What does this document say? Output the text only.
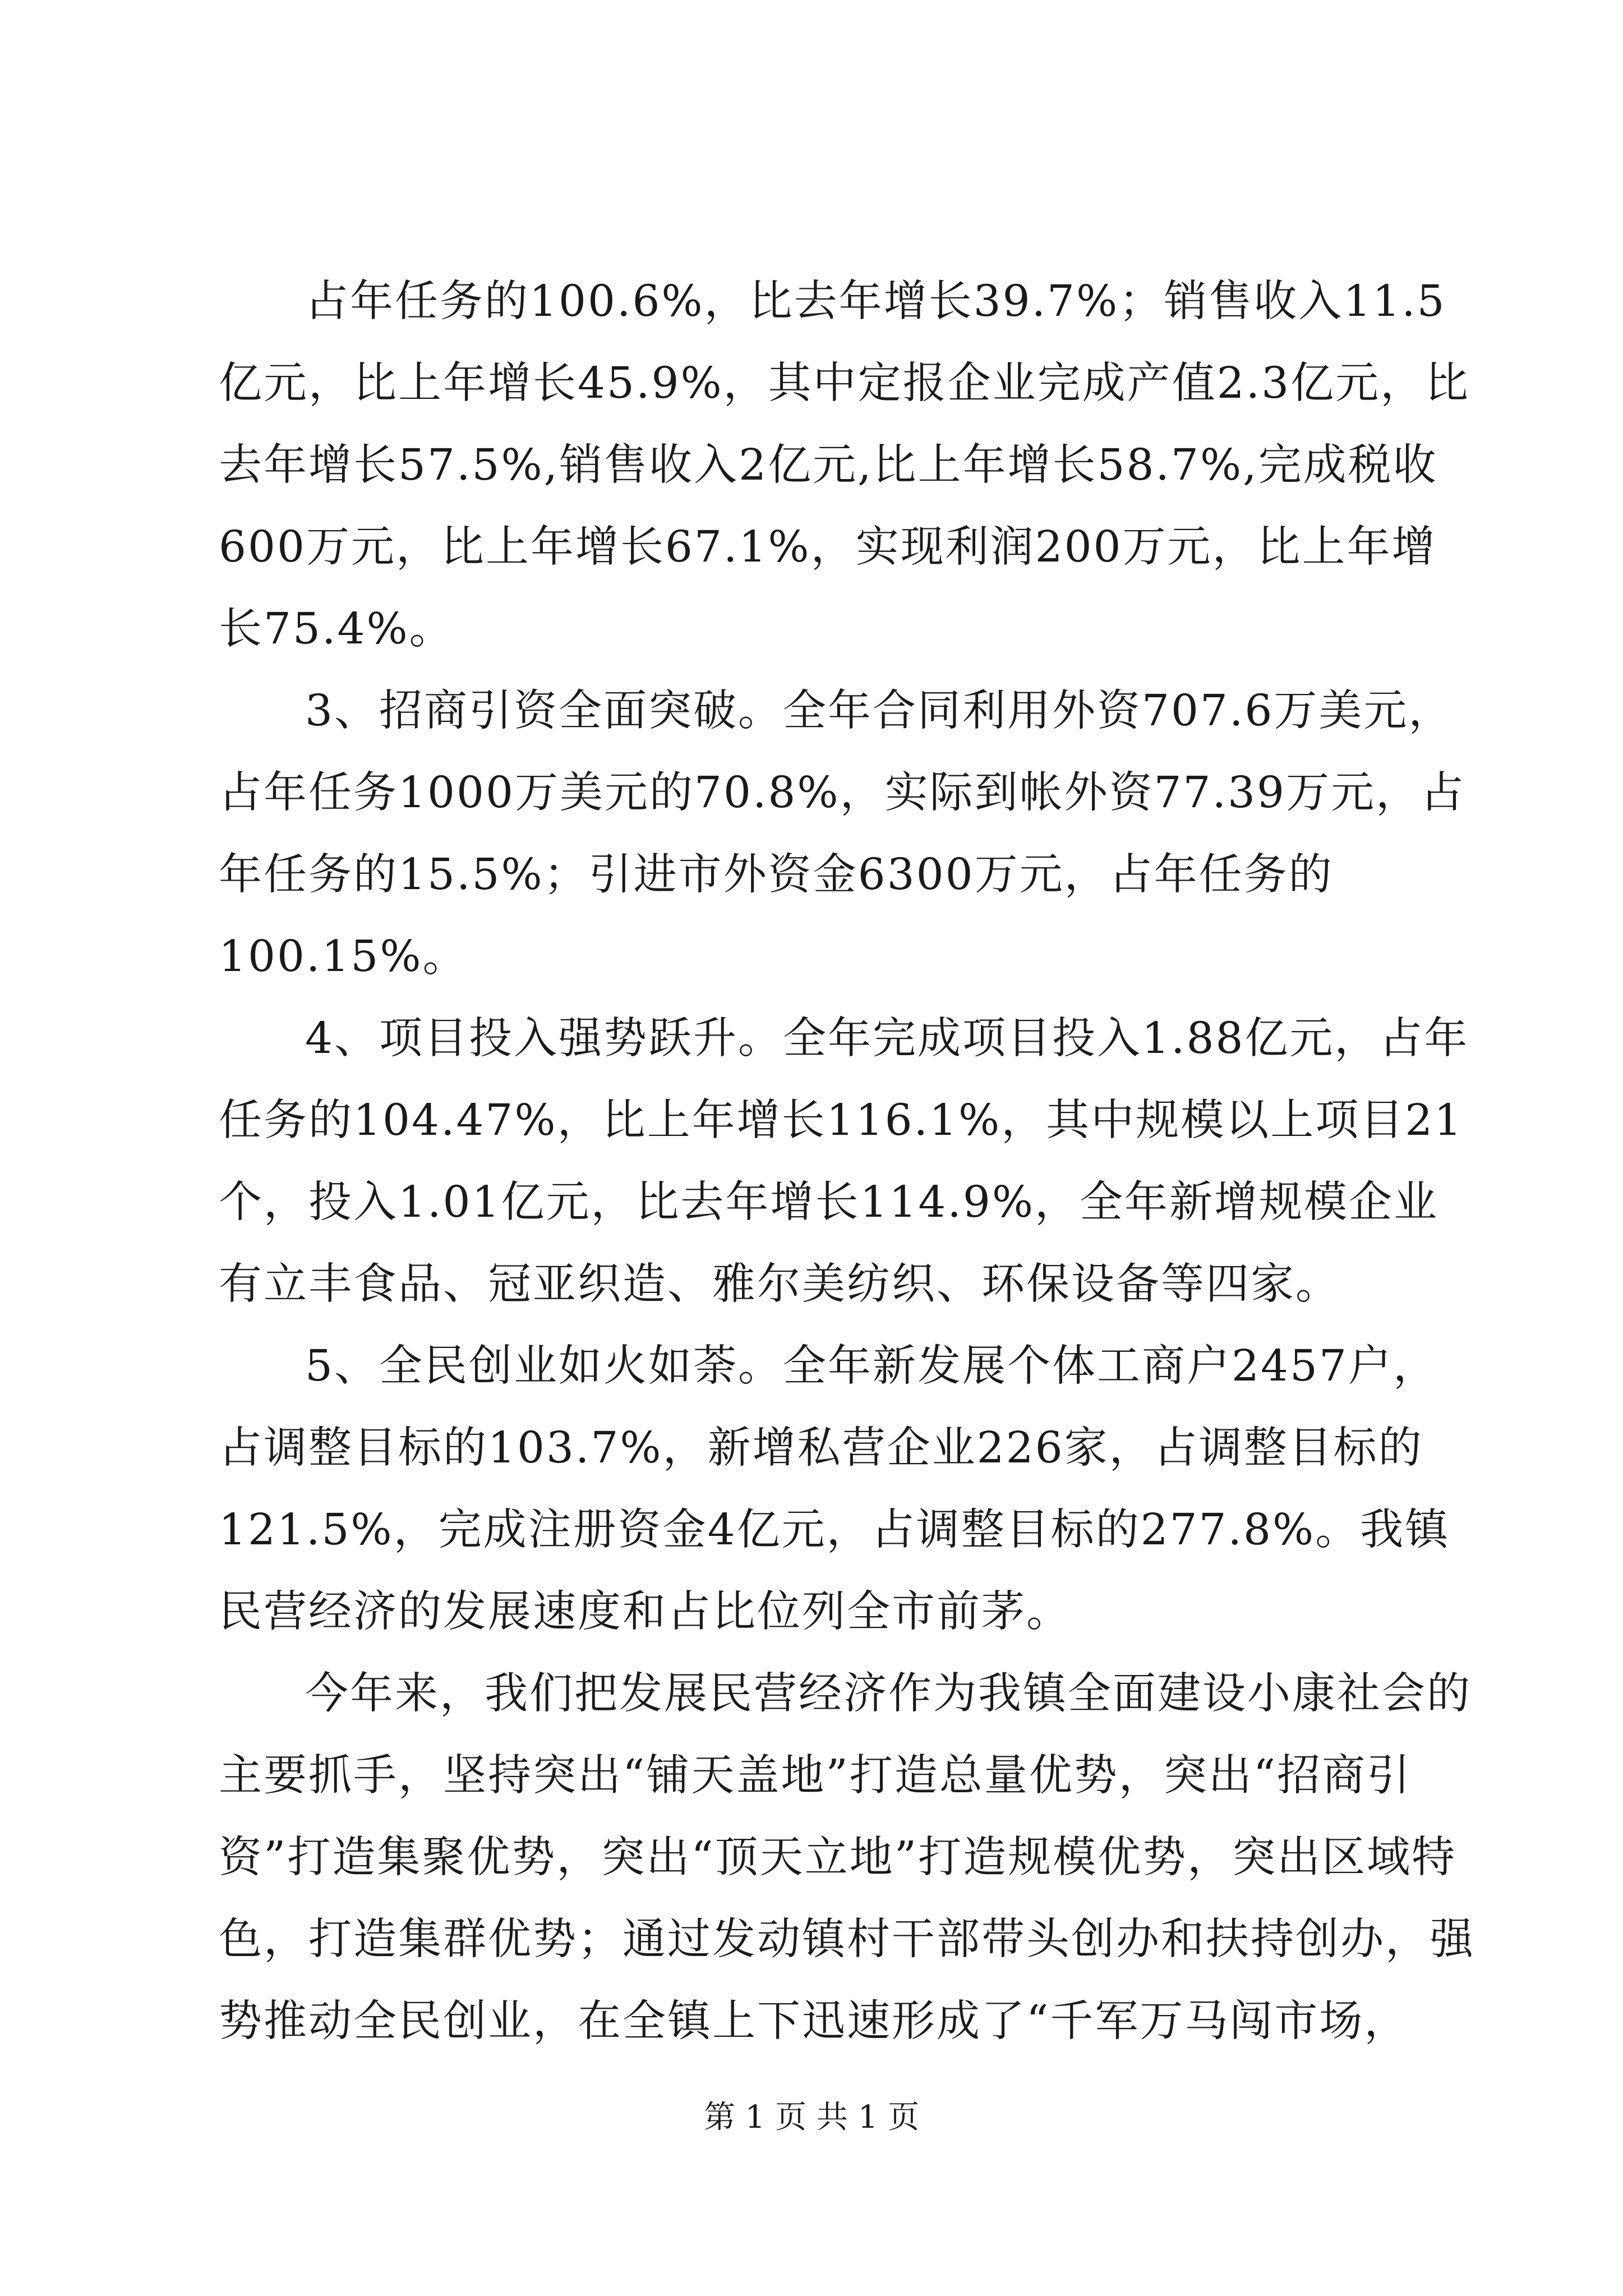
占年任务的100.6%，比去年增长39.7%；销售收入11.5亿元，比上年增长45.9%，其中定报企业完成产值2.3亿元，比去年增长57.5%,销售收入2亿元,比上年增长58.7%,完成税收600万元，比上年增长67.1%，实现利润200万元，比上年增长75.4%。

3、招商引资全面突破。全年合同利用外资707.6万美元，占年任务1000万美元的70.8%，实际到帐外资77.39万元，占年任务的15.5%；引进市外资金6300万元，占年任务的100.15%。

4、项目投入强势跃升。全年完成项目投入1.88亿元，占年任务的104.47%，比上年增长116.1%，其中规模以上项目21个，投入1.01亿元，比去年增长114.9%，全年新增规模企业有立丰食品、冠亚织造、雅尔美纺织、环保设备等四家。

5、全民创业如火如荼。全年新发展个体工商户2457户，占调整目标的103.7%，新增私营企业226家，占调整目标的121.5%，完成注册资金4亿元，占调整目标的277.8%。我镇民营经济的发展速度和占比位列全市前茅。

今年来，我们把发展民营经济作为我镇全面建设小康社会的主要抓手，坚持突出“铺天盖地”打造总量优势，突出“招商引资”打造集聚优势，突出“顶天立地”打造规模优势，突出区域特色，打造集群优势；通过发动镇村干部带头创办和扶持创办，强势推动全民创业，在全镇上下迅速形成了“千军万马闯市场，

第 1 页 共 1 页
